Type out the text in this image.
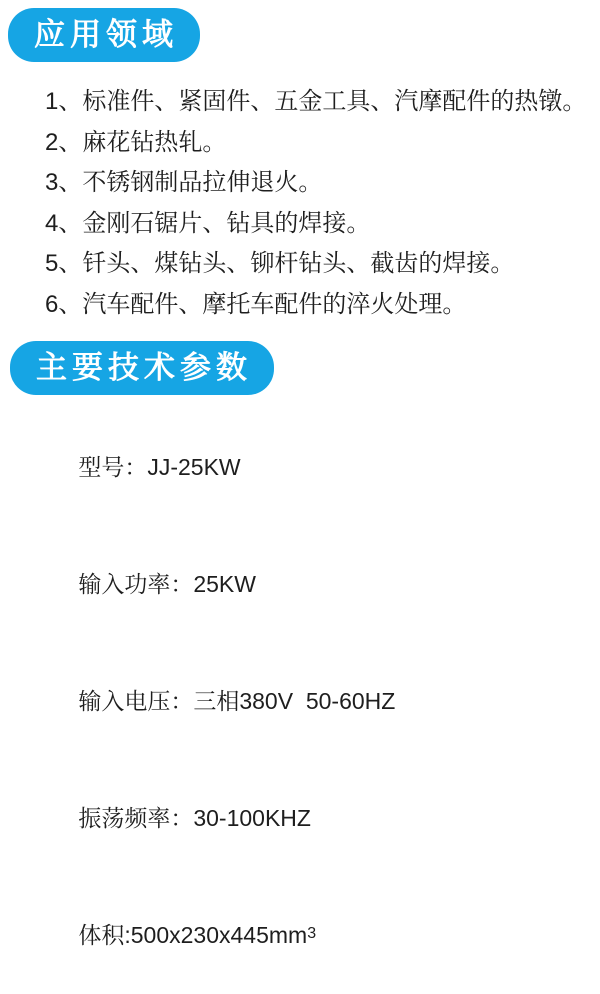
应用领域
1、标准件、紧固件、五金工具、汽摩配件的热镦。
2、麻花钻热轧。
3、不锈钢制品拉伸退火。
4、金刚石锯片、钻具的焊接。
5、钎头、煤钻头、铆杆钻头、截齿的焊接。
6、汽车配件、摩托车配件的淬火处理。
主要技术参数

型号：JJ-25KW

输入功率：25KW

输入电压：三相380V  50-60HZ

振荡频率：30-100KHZ

体积$:500x230x445mm^3$
